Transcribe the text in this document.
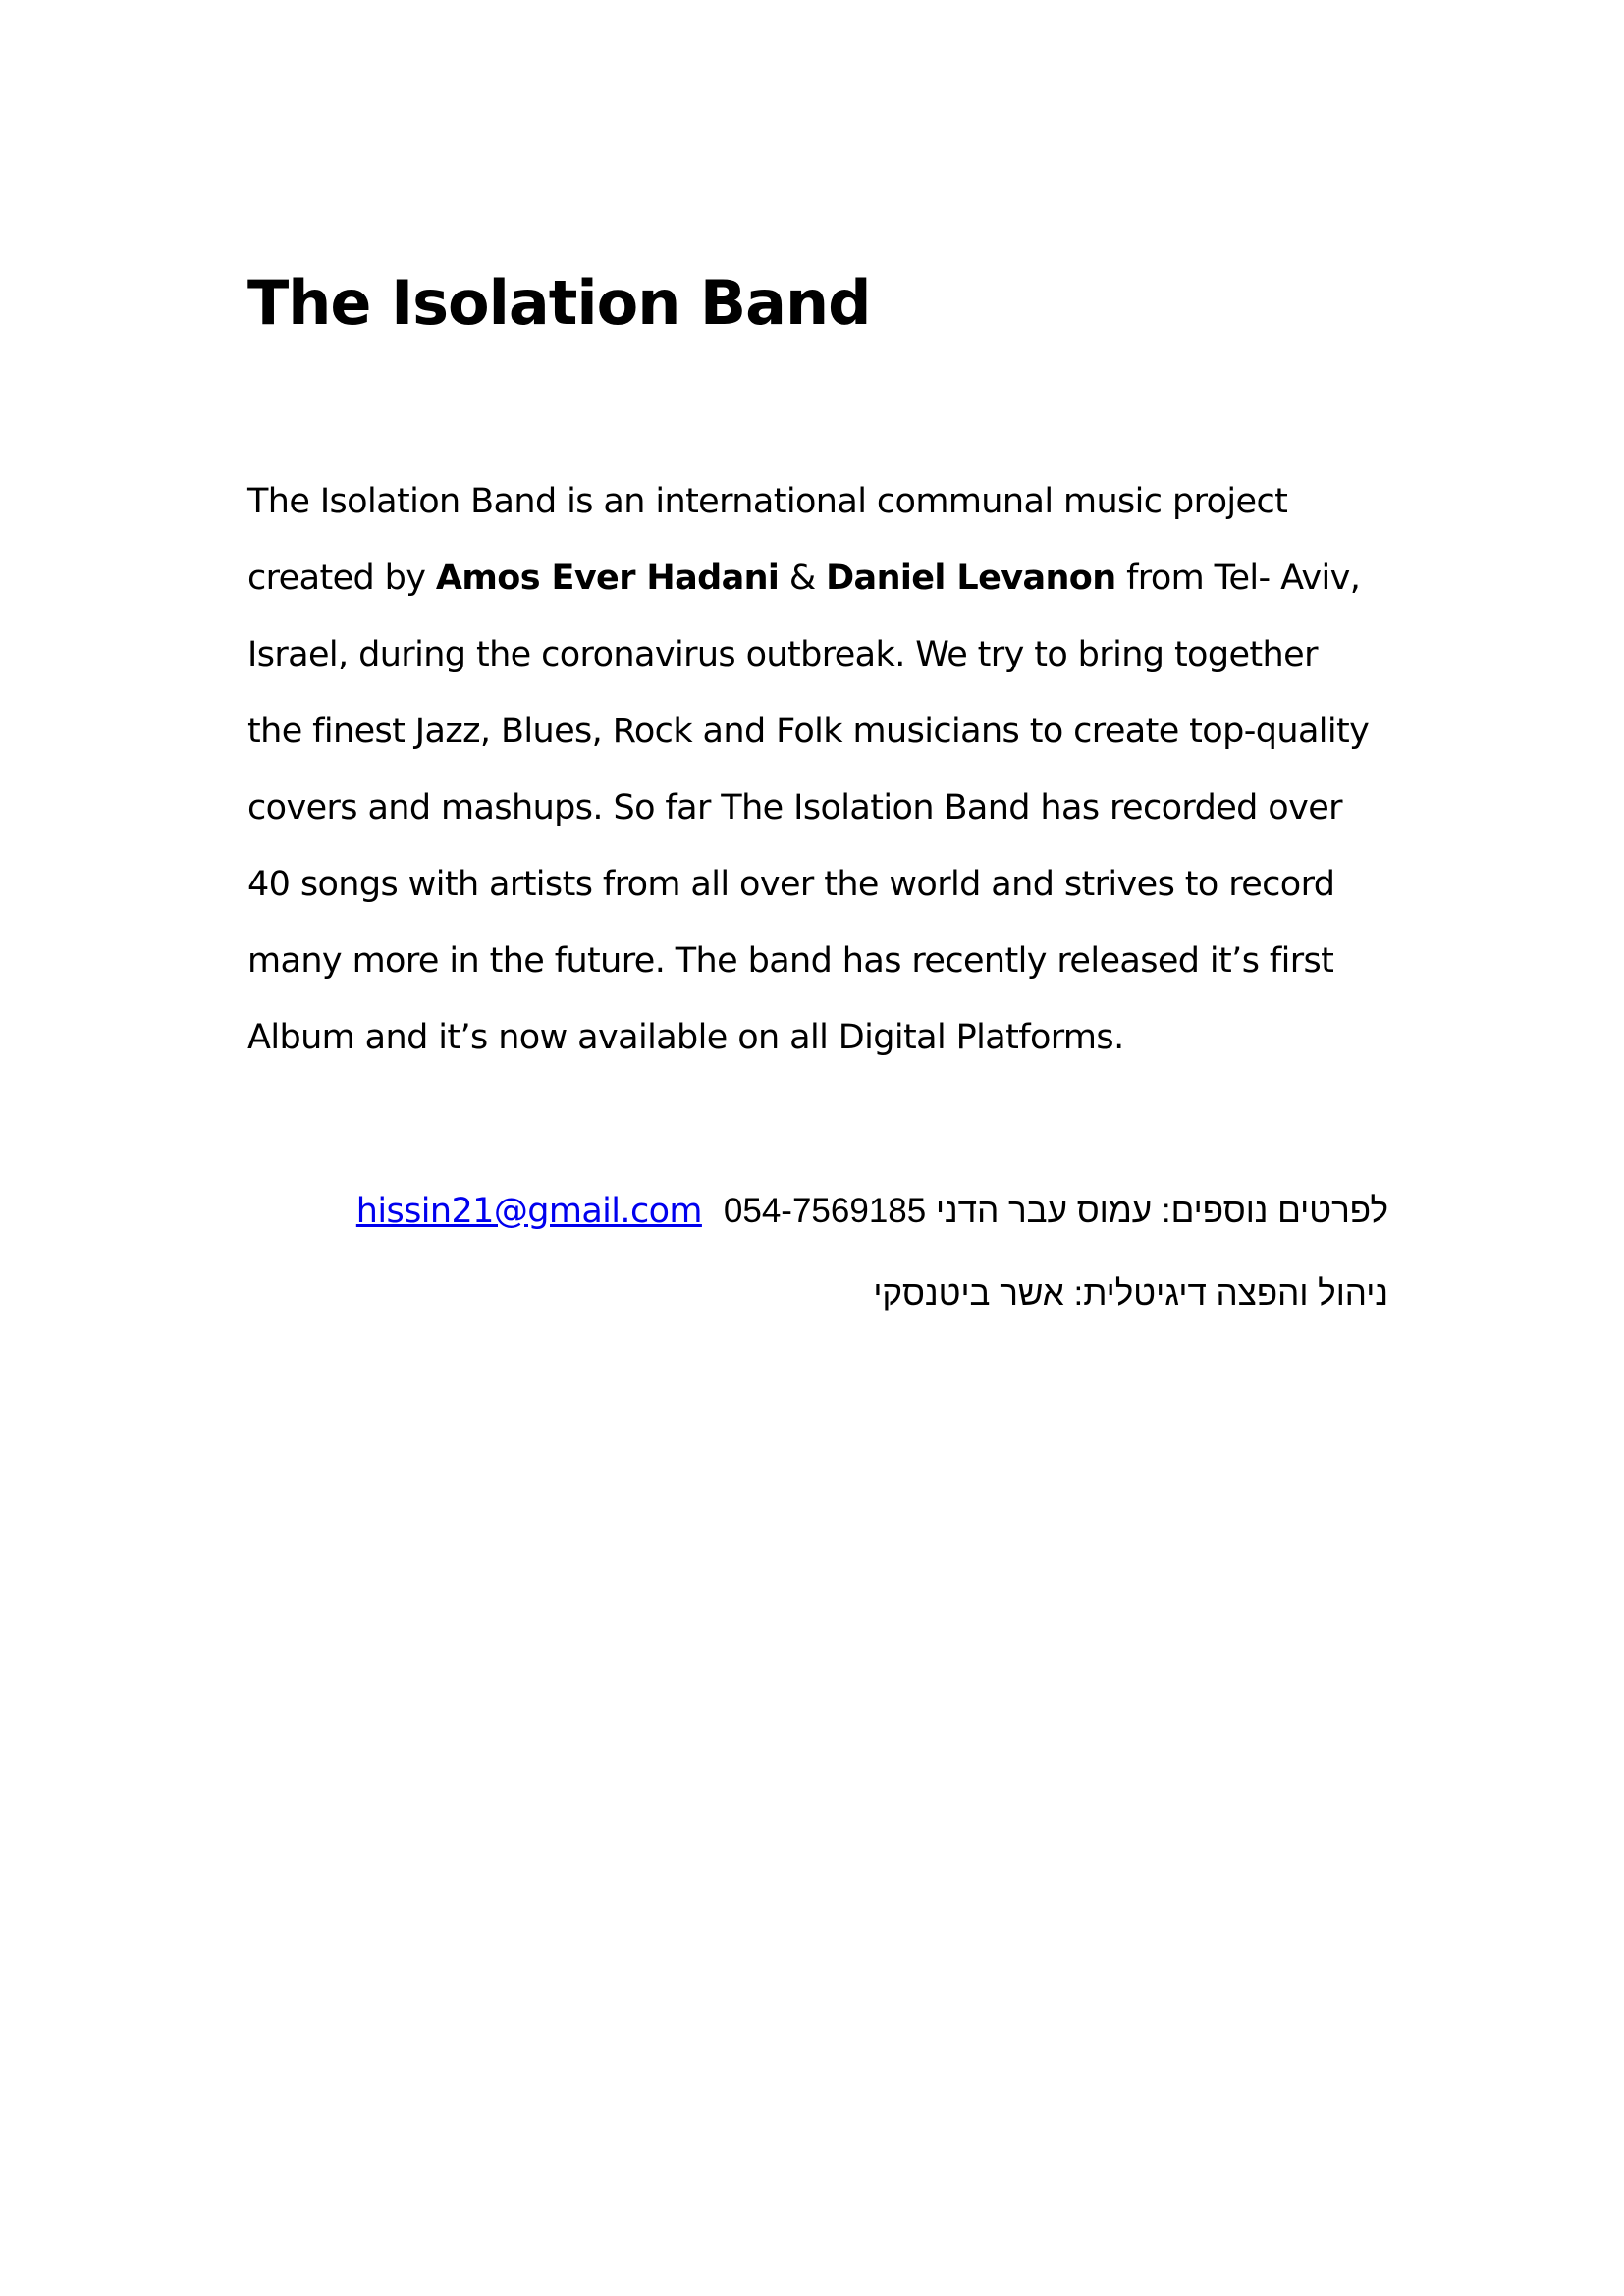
The Isolation Band
The Isolation Band is an international communal music project
created by Amos Ever Hadani & Daniel Levanon from Tel- Aviv,
Israel, during the coronavirus outbreak. We try to bring together
the finest Jazz, Blues, Rock and Folk musicians to create top-quality
covers and mashups. So far The Isolation Band has recorded over
40 songs with artists from all over the world and strives to record
many more in the future. The band has recently released it’s first
Album and it’s now available on all Digital Platforms.
hissin21@gmail.com 054-7569185 לפרטים נוספים: עמוס עבר הדני
ניהול והפצה דיגיטלית: אשר ביטנסקי
